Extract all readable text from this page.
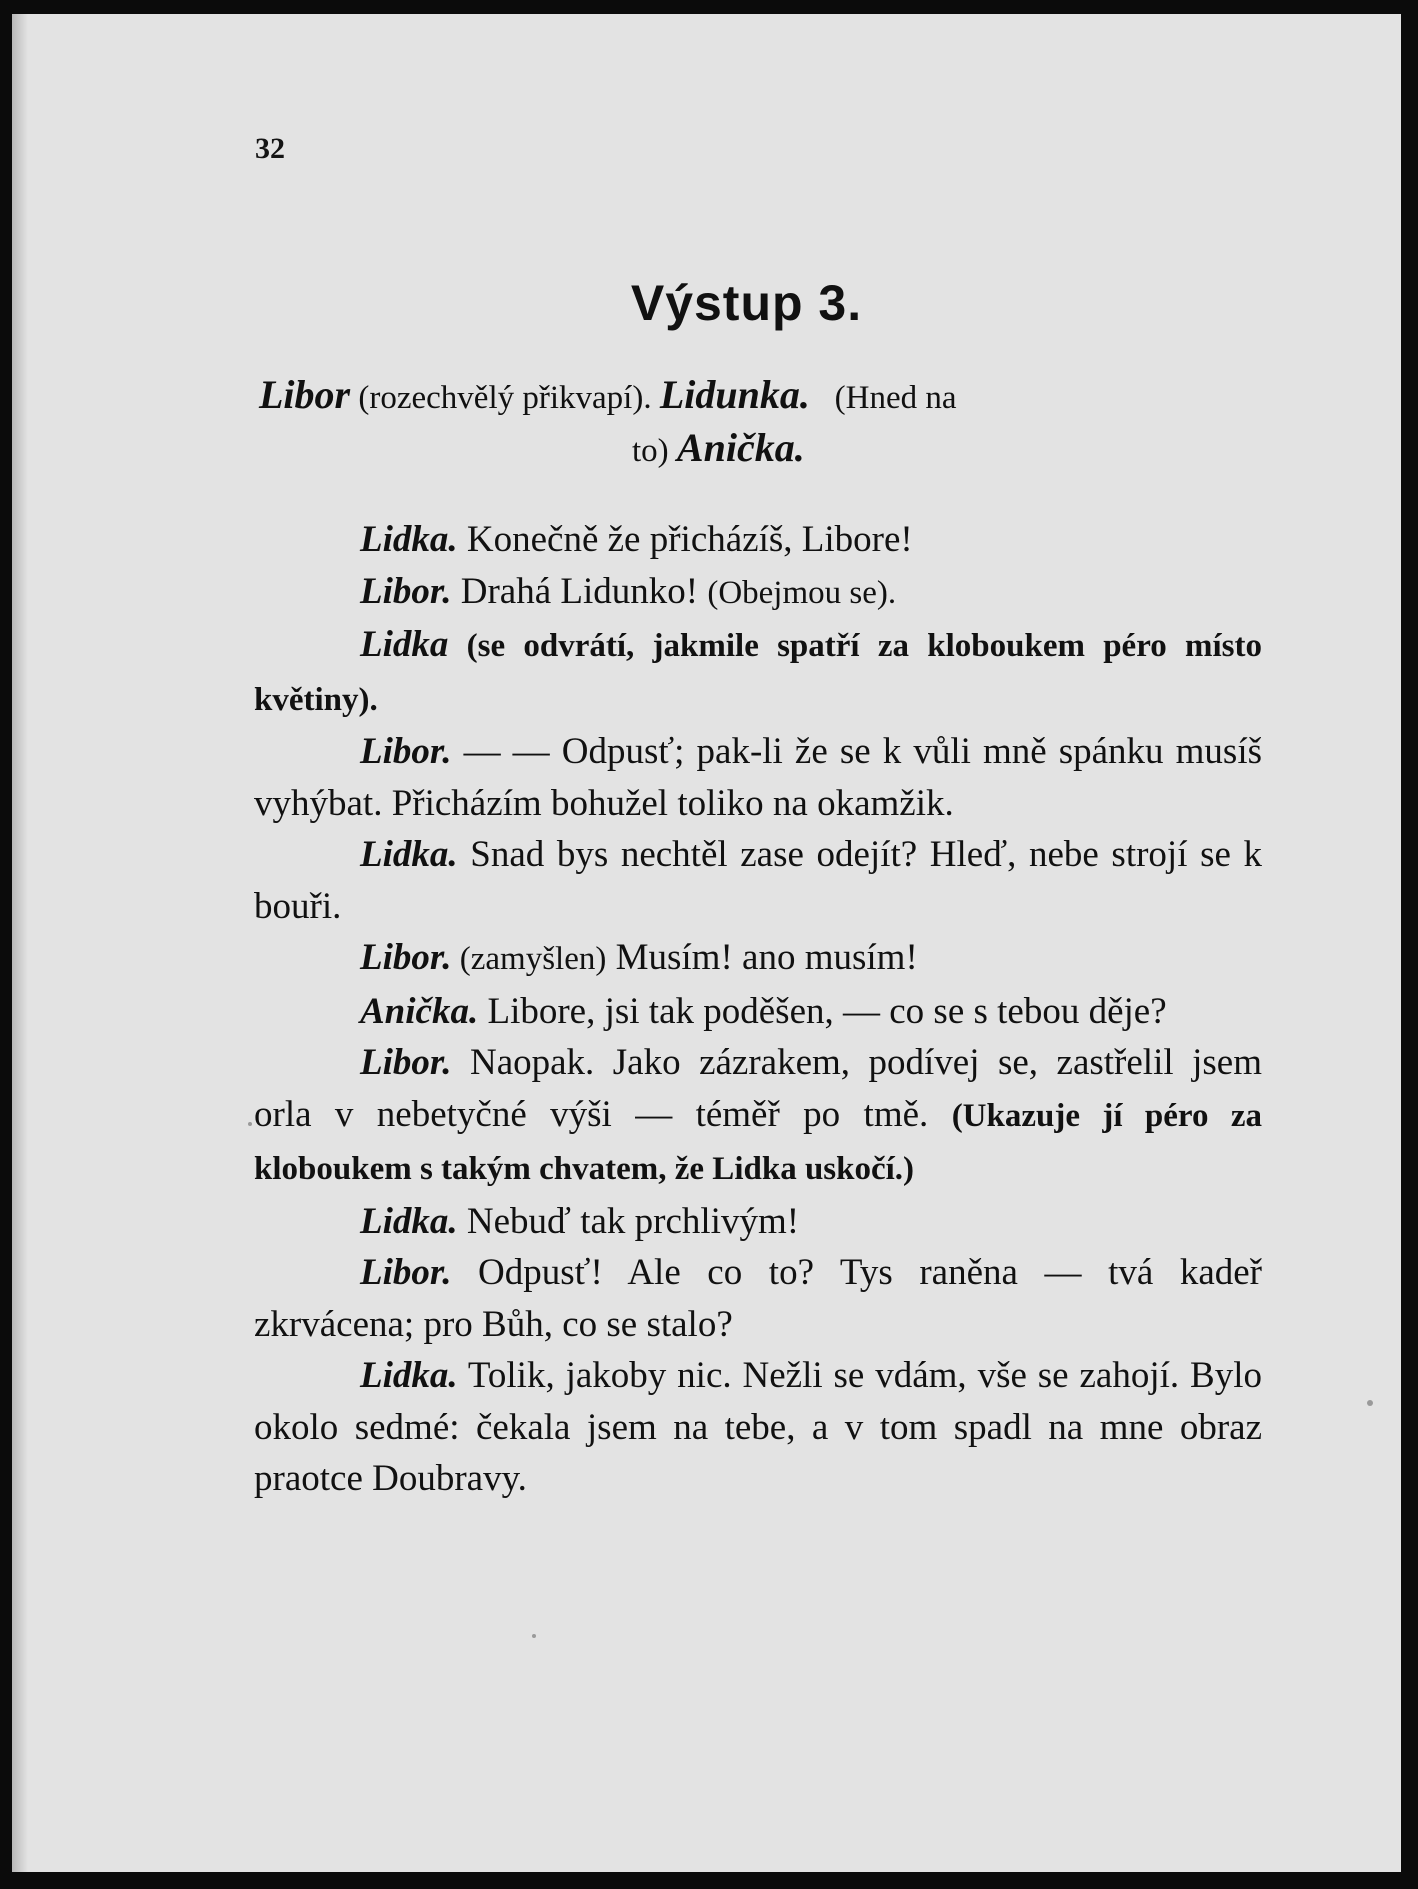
32
Výstup 3.
Libor (rozechvělý přikvapí). Lidunka.   (Hned na
to) Anička.

Lidka. Konečně že přicházíš, Libore!

Libor. Drahá Lidunko! (Obejmou se).

Lidka (se odvrátí, jakmile spatří za kloboukem péro místo květiny).

Libor. — — Odpusť; pak-li že se k vůli mně spánku musíš vyhýbat. Přicházím bohužel toliko na okamžik.

Lidka. Snad bys nechtěl zase odejít? Hleď, nebe strojí se k bouři.

Libor. (zamyšlen) Musím! ano musím!

Anička. Libore, jsi tak poděšen, — co se s tebou děje?

Libor. Naopak. Jako zázrakem, podívej se, zastřelil jsem orla v nebetyčné výši — téměř po tmě. (Ukazuje jí péro za kloboukem s takým chvatem, že Lidka uskočí.)

Lidka. Nebuď tak prchlivým!

Libor. Odpusť! Ale co to? Tys raněna — tvá kadeř zkrvácena; pro Bůh, co se stalo?

Lidka. Tolik, jakoby nic. Nežli se vdám, vše se zahojí. Bylo okolo sedmé: čekala jsem na tebe, a v tom spadl na mne obraz praotce Doubravy.
